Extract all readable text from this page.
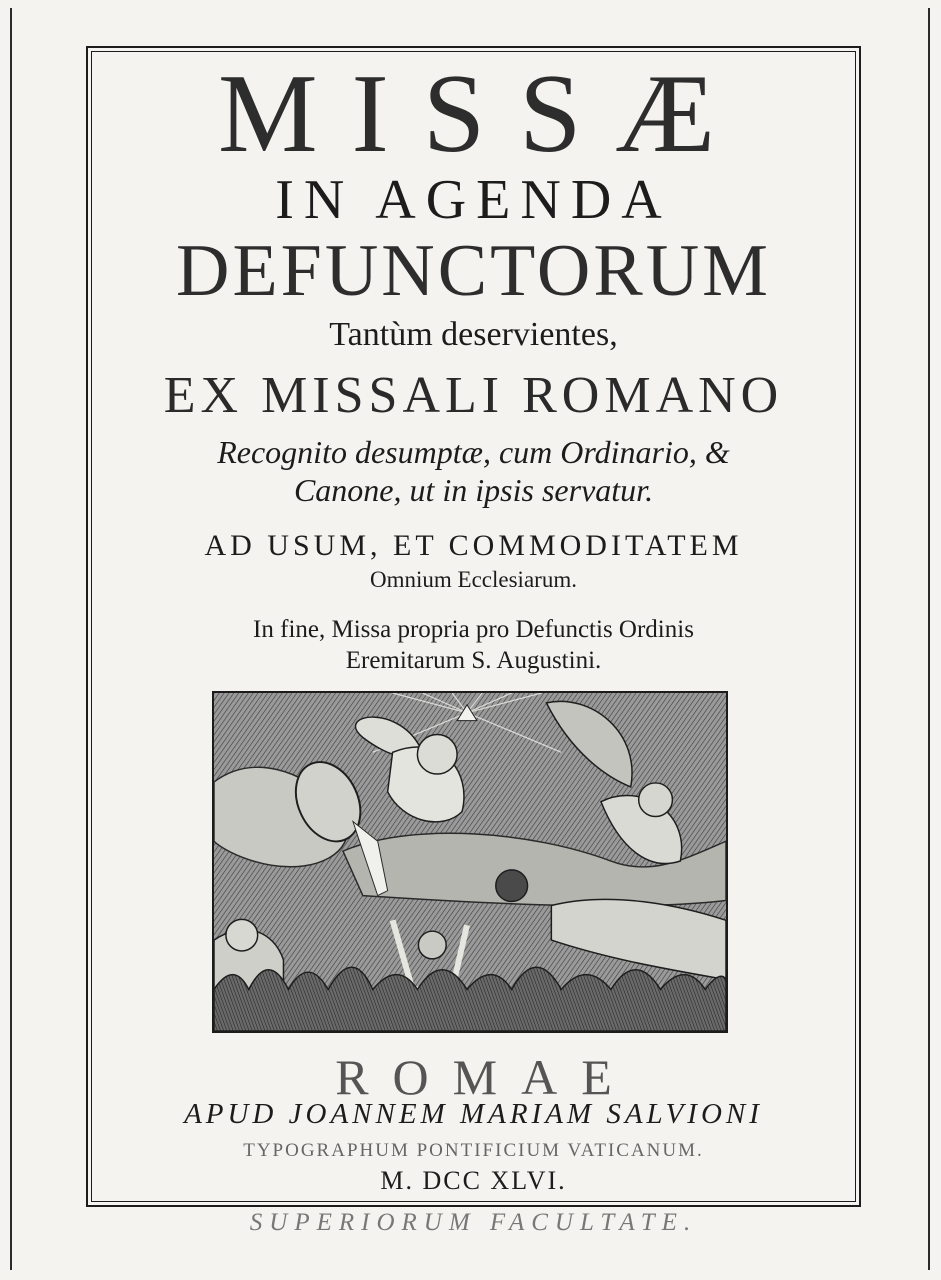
MISSÆ
IN AGENDA
DEFUNCTORUM
Tantùm deservientes,
EX MISSALI ROMANO
Recognito desumptæ, cum Ordinario, &
Canone, ut in ipsis servatur.
AD USUM, ET COMMODITATEM
Omnium Ecclesiarum.
In fine, Missa propria pro Defunctis Ordinis
Eremitarum S. Augustini.
ROMAE
APUD JOANNEM MARIAM SALVIONI
TYPOGRAPHUM PONTIFICIUM VATICANUM.
M. DCC XLVI.
SUPERIORUM FACULTATE.
